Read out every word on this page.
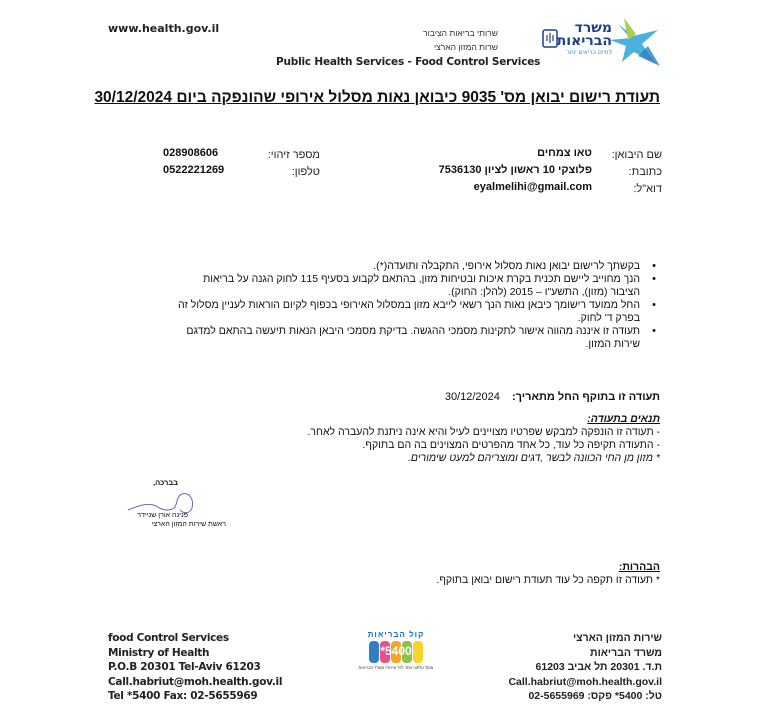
www.health.gov.il	שרותי בריאות הציבור
שרות המזון הארצי
Public Health Services - Food Control Services
משרד
הבריאות
לחיים בריאים יותר
תעודת רישום יבואן מס' 9035 כיבואן נאות מסלול אירופי שהונפקה ביום 30/12/2024
שם היבואן:
טאו צמחים
מספר זיהוי:
028908606
כתובת:
פלוצקי 10 ראשון לציון 7536130
טלפון:
0522221269
דוא"ל:
eyalmelihi@gmail.com
• בקשתך לרישום יבואן נאות מסלול אירופי, התקבלה ותועדה(*).
• הנך מחוייב ליישם תכנית בקרת איכות ובטיחות מזון, בהתאם לקבוע בסעיף 115 לחוק הגנה על בריאות הציבור (מזון), התשע"ו – 2015 (להלן: החוק).
• החל ממועד רישומך כיבאן נאות הנך רשאי לייבא מזון במסלול האירופי בכפוף לקיום הוראות לעניין מסלול זה בפרק ד' לחוק.
• תעודה זו איננה מהווה אישור לתקינות מסמכי ההגשה. בדיקת מסמכי היבאן הנאות תיעשה בהתאם למדגם שירות המזון.
תעודה זו בתוקף החל מתאריך:  30/12/2024
תנאים בתעודה:
- תעודה זו הונפקה למבקש שפרטיו מצויינים לעיל והיא אינה ניתנת להעברה לאחר.
- התעודה תקיפה כל עוד, כל אחד מהפרטים המצוינים בה הם בתוקף.
* מזון מן החי הכוונה לבשר ,דגים ומוצריהם למעט שימורים.
בברכה,
פנינה אורן שניידר
ראשת שירות המזון הארצי
הבהרות:
* תעודה זו תקפה כל עוד תעודת רישום יבואן בתוקף.
food Control Services
Ministry of Health
P.O.B 20301 Tel-Aviv 61203
Call.habriut@moh.health.gov.il
Tel *5400 Fax: 02-5655969
קול הבריאות
*5400
מוקד טלפוני אחד לכל שירותי משרד הבריאות
שירות המזון הארצי
משרד הבריאות
ת.ד. 20301 תל אביב 61203
Call.habriut@moh.health.gov.il
טל: 5400* פקס: 02-5655969
